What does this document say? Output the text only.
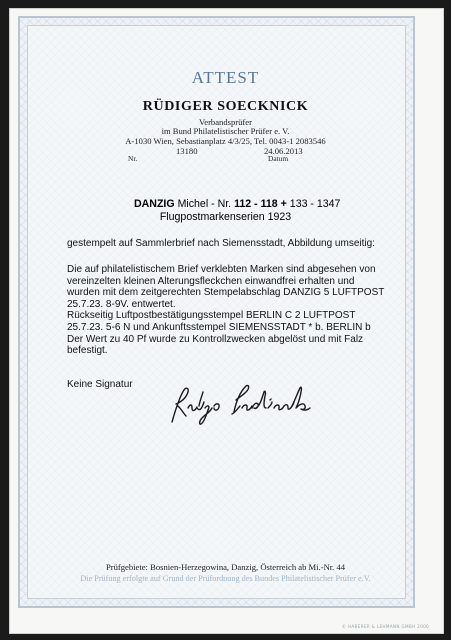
ATTEST
RÜDIGER SOECKNICK
Verbandsprüfer
im Bund Philatelistischer Prüfer e. V.
A-1030 Wien, Sebastianplatz 4/3/25, Tel. 0043-1 2083546
13180
Nr.
24.06.2013
Datum
DANZIG Michel - Nr. 112 - 118 + 133 - 1347
Flugpostmarkenserien 1923
gestempelt auf Sammlerbrief nach Siemensstadt, Abbildung umseitig:
Die auf philatelistischem Brief verklebten Marken sind abgesehen von
vereinzelten kleinen Alterungsfleckchen einwandfrei erhalten und
wurden mit dem zeitgerechten Stempelabschlag DANZIG 5 LUFTPOST
25.7.23. 8-9V. entwertet.
Rückseitig Luftpostbestätigungsstempel BERLIN C 2 LUFTPOST
25.7.23. 5-6 N und Ankunftsstempel SIEMENSSTADT * b. BERLIN b
Der Wert zu 40 Pf wurde zu Kontrollzwecken abgelöst und mit Falz
befestigt.
Keine Signatur
Prüfgebiete: Bosnien-Herzegowina, Danzig, Österreich ab Mi.-Nr. 44
Die Prüfung erfolgte auf Grund der Prüfordnung des Bundes Philatelistischer Prüfer e.V.
© HABERER & LEHMANN GMBH 2000
